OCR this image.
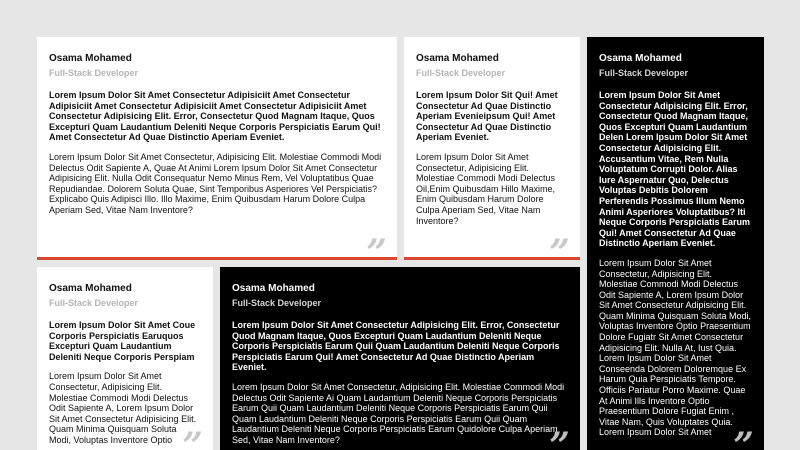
Osama Mohamed

Full-Stack Developer

Lorem Ipsum Dolor Sit Amet Consectetur Adipisiciit Amet Consectetur Adipisiciit Amet Consectetur Adipisiciit Amet Consectetur Adipisiciit Amet Consectetur Adipisicing Elit. Error, Consectetur Quod Magnam Itaque, Quos Excepturi Quam Laudantium Deleniti Neque Corporis Perspiciatis Earum Qui! Amet Consectetur Ad Quae Distinctio Aperiam Eveniet.

Lorem Ipsum Dolor Sit Amet Consectetur, Adipisicing Elit. Molestiae Commodi Modi Delectus Odit Sapiente A, Quae At Animi Lorem Ipsum Dolor Sit Amet Consectetur Adipisicing Elit. Nulla Odit Consequatur Nemo Minus Rem, Vel Voluptatibus Quae Repudiandae. Dolorem Soluta Quae, Sint Temporibus Asperiores Vel Perspiciatis? Explicabo Quis Adipisci Illo. Illo Maxime, Enim Quibusdam Harum Dolore Culpa Aperiam Sed, Vitae Nam Inventore?

”

Osama Mohamed

Full-Stack Developer

Lorem Ipsum Dolor Sit Qui! Amet Consectetur Ad Quae Distinctio Aperiam Evenieipsum Qui! Amet Consectetur Ad Quae Distinctio Aperiam Eveniet.

Lorem Ipsum Dolor Sit Amet Consectetur, Adipisicing Elit. Molestiae Commodi Modi Delectus Oil,Enim Quibusdam Hillo Maxime, Enim Quibusdam Harum Dolore Culpa Aperiam Sed, Vitae Nam Inventore?

”

Osama Mohamed

Full-Stack Developer

Lorem Ipsum Dolor Sit Amet Consectetur Adipisicing Elit. Error, Consectetur Quod Magnam Itaque, Quos Excepturi Quam Laudantium Delen Lorem Ipsum Dolor Sit Amet Consectetur Adipisicing Elit. Accusantium Vitae, Rem Nulla Voluptatum Corrupti Dolor. Alias Iure Aspernatur Quo, Delectus Voluptas Debitis Dolorem Perferendis Possimus Illum Nemo Animi Asperiores Voluptatibus? Iti Neque Corporis Perspiciatis Earum Qui! Amet Consectetur Ad Quae Distinctio Aperiam Eveniet.

Lorem Ipsum Dolor Sit Amet Consectetur, Adipisicing Elit. Molestiae Commodi Modi Delectus Odit Sapiente A, Lorem Ipsum Dolor Sit Amet Consectetur Adipisicing Elit. Quam Minima Quisquam Soluta Modi, Voluptas Inventore Optio Praesentium Dolore Fugiatr Sit Amet Consectetur Adipisicing Elit. Nulla At, Iust Quia. Lorem Ipsum Dolor Sit Amet Conseenda Dolorem Doloremque Ex Harum Quia Perspiciatis Tempore. Officiis Pariatur Porro Maxime. Quae At Animi Ills Inventore Optio Praesentium Dolore Fugiat Enim , Vitae Nam, Quis Voluptates Quia. Lorem Ipsum Dolor Sit Amet ”

Osama Mohamed

Full-Stack Developer

Lorem Ipsum Dolor Sit Amet Coue Corporis Perspiciatis Earuquos Excepturi Quam Laudantium Deleniti Neque Corporis Perspiam

Lorem Ipsum Dolor Sit Amet Consectetur, Adipisicing Elit. Molestiae Commodi Modi Delectus Odit Sapiente A, Lorem Ipsum Dolor Sit Amet Consectetur Adipisicing Elit. Quam Minima Quisquam Soluta Modi, Voluptas Inventore Optio ”

Osama Mohamed

Full-Stack Developer

Lorem Ipsum Dolor Sit Amet Consectetur Adipisicing Elit. Error, Consectetur Quod Magnam Itaque, Quos Excepturi Quam Laudantium Deleniti Neque Corporis Perspiciatis Earum Quii Quam Laudantium Deleniti Neque Corporis Perspiciatis Earum Qui! Amet Consectetur Ad Quae Distinctio Aperiam Eveniet.

Lorem Ipsum Dolor Sit Amet Consectetur, Adipisicing Elit. Molestiae Commodi Modi Delectus Odit Sapiente Ai Quam Laudantium Deleniti Neque Corporis Perspiciatis Earum Quii Quam Laudantium Deleniti Neque Corporis Perspiciatis Earum Quii Quam Laudantium Deleniti Neque Corporis Perspiciatis Earum Quii Quam Laudantium Deleniti Neque Corporis Perspiciatis Earum Quidolore Culpa Aperiam Sed, Vitae Nam Inventore?	”
